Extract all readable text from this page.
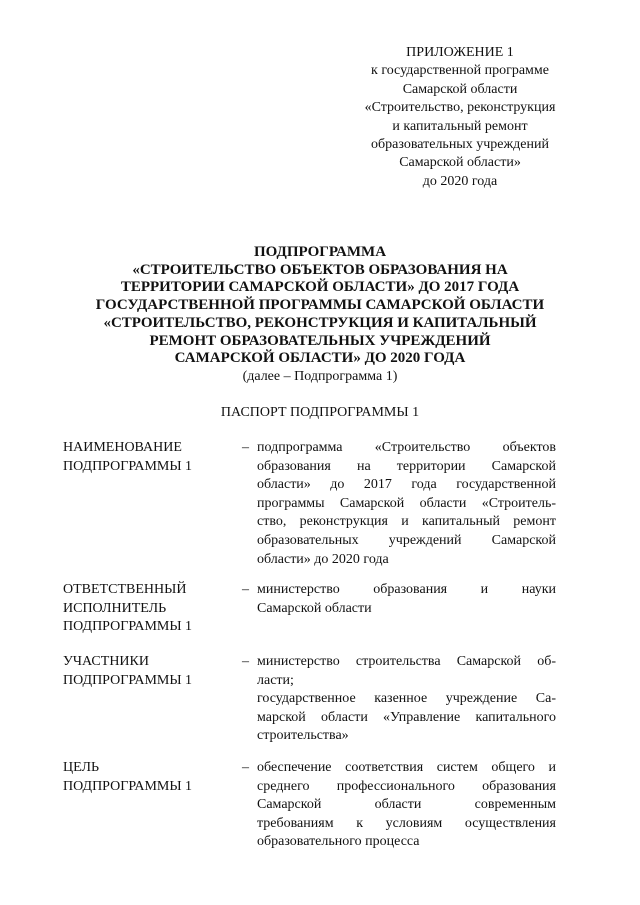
ПРИЛОЖЕНИЕ 1
к государственной программе
Самарской области
«Строительство, реконструкция
и капитальный ремонт
образовательных учреждений
Самарской области»
до 2020 года
ПОДПРОГРАММА
«СТРОИТЕЛЬСТВО ОБЪЕКТОВ ОБРАЗОВАНИЯ НА
ТЕРРИТОРИИ САМАРСКОЙ ОБЛАСТИ» ДО 2017 ГОДА
ГОСУДАРСТВЕННОЙ ПРОГРАММЫ САМАРСКОЙ ОБЛАСТИ
«СТРОИТЕЛЬСТВО, РЕКОНСТРУКЦИЯ И КАПИТАЛЬНЫЙ
РЕМОНТ ОБРАЗОВАТЕЛЬНЫХ УЧРЕЖДЕНИЙ
САМАРСКОЙ ОБЛАСТИ» ДО 2020 ГОДА
(далее – Подпрограмма 1)
ПАСПОРТ ПОДПРОГРАММЫ 1
НАИМЕНОВАНИЕ
ПОДПРОГРАММЫ 1
– подпрограмма «Строительство объектов
образования на территории Самарской
области» до 2017 года государственной
программы Самарской области «Строитель-
ство, реконструкция и капитальный ремонт
образовательных учреждений Самарской
области» до 2020 года
ОТВЕТСТВЕННЫЙ
ИСПОЛНИТЕЛЬ
ПОДПРОГРАММЫ 1
– министерство образования и науки
Самарской области
УЧАСТНИКИ
ПОДПРОГРАММЫ 1
– министерство строительства Самарской об-
ласти;
государственное казенное учреждение Са-
марской области «Управление капитального
строительства»
ЦЕЛЬ
ПОДПРОГРАММЫ 1
– обеспечение соответствия систем общего и
среднего профессионального образования
Самарской области современным
требованиям к условиям осуществления
образовательного процесса
